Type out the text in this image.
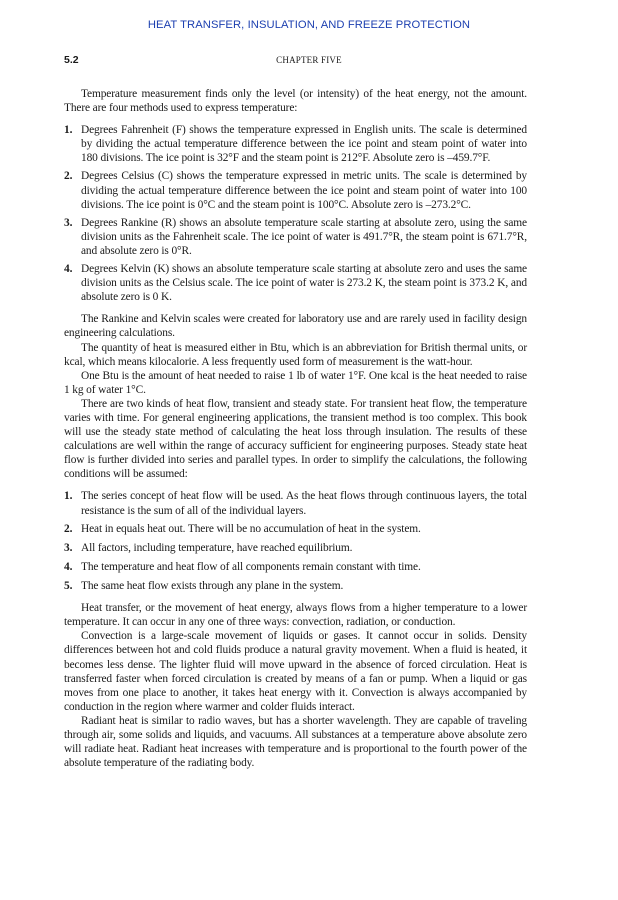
HEAT TRANSFER, INSULATION, AND FREEZE PROTECTION
5.2	CHAPTER FIVE

Temperature measurement finds only the level (or intensity) of the heat energy, not the amount. There are four methods used to express temperature:

1. Degrees Fahrenheit (F) shows the temperature expressed in English units. The scale is determined by dividing the actual temperature difference between the ice point and steam point of water into 180 divisions. The ice point is 32°F and the steam point is 212°F. Absolute zero is –459.7°F.
2. Degrees Celsius (C) shows the temperature expressed in metric units. The scale is determined by dividing the actual temperature difference between the ice point and steam point of water into 100 divisions. The ice point is 0°C and the steam point is 100°C. Absolute zero is –273.2°C.
3. Degrees Rankine (R) shows an absolute temperature scale starting at absolute zero, using the same division units as the Fahrenheit scale. The ice point of water is 491.7°R, the steam point is 671.7°R, and absolute zero is 0°R.
4. Degrees Kelvin (K) shows an absolute temperature scale starting at absolute zero and uses the same division units as the Celsius scale. The ice point of water is 273.2 K, the steam point is 373.2 K, and absolute zero is 0 K.

The Rankine and Kelvin scales were created for laboratory use and are rarely used in facility design engineering calculations.

The quantity of heat is measured either in Btu, which is an abbreviation for British thermal units, or kcal, which means kilocalorie. A less frequently used form of measurement is the watt-hour.

One Btu is the amount of heat needed to raise 1 lb of water 1°F. One kcal is the heat needed to raise 1 kg of water 1°C.

There are two kinds of heat flow, transient and steady state. For transient heat flow, the temperature varies with time. For general engineering applications, the transient method is too complex. This book will use the steady state method of calculating the heat loss through insulation. The results of these calculations are well within the range of accuracy sufficient for engineering purposes. Steady state heat flow is further divided into series and parallel types. In order to simplify the calculations, the following conditions will be assumed:

1. The series concept of heat flow will be used. As the heat flows through continuous layers, the total resistance is the sum of all of the individual layers.
2. Heat in equals heat out. There will be no accumulation of heat in the system.
3. All factors, including temperature, have reached equilibrium.
4. The temperature and heat flow of all components remain constant with time.
5. The same heat flow exists through any plane in the system.

Heat transfer, or the movement of heat energy, always flows from a higher temperature to a lower temperature. It can occur in any one of three ways: convection, radiation, or conduction.

Convection is a large-scale movement of liquids or gases. It cannot occur in solids. Density differences between hot and cold fluids produce a natural gravity movement. When a fluid is heated, it becomes less dense. The lighter fluid will move upward in the absence of forced circulation. Heat is transferred faster when forced circulation is created by means of a fan or pump. When a liquid or gas moves from one place to another, it takes heat energy with it. Convection is always accompanied by conduction in the region where warmer and colder fluids interact.

Radiant heat is similar to radio waves, but has a shorter wavelength. They are capable of traveling through air, some solids and liquids, and vacuums. All substances at a temperature above absolute zero will radiate heat. Radiant heat increases with temperature and is proportional to the fourth power of the absolute temperature of the radiating body.
